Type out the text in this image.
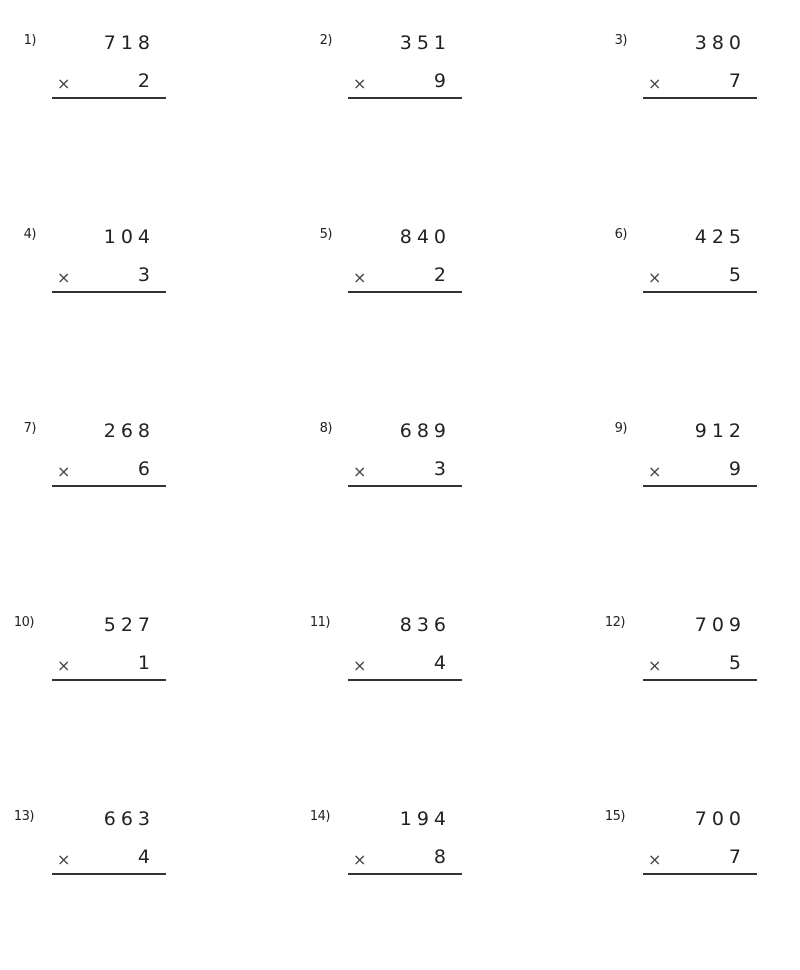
1)	718
×	2
2)	351
×	9
3)	380
×	7
4)	104
×	3
5)	840
×	2
6)	425
×	5
7)	268
×	6
8)	689
×	3
9)	912
×	9
10)	527
×	1
11)	836
×	4
12)	709
×	5
13)	663
×	4
14)	194
×	8
15)	700
×	7
